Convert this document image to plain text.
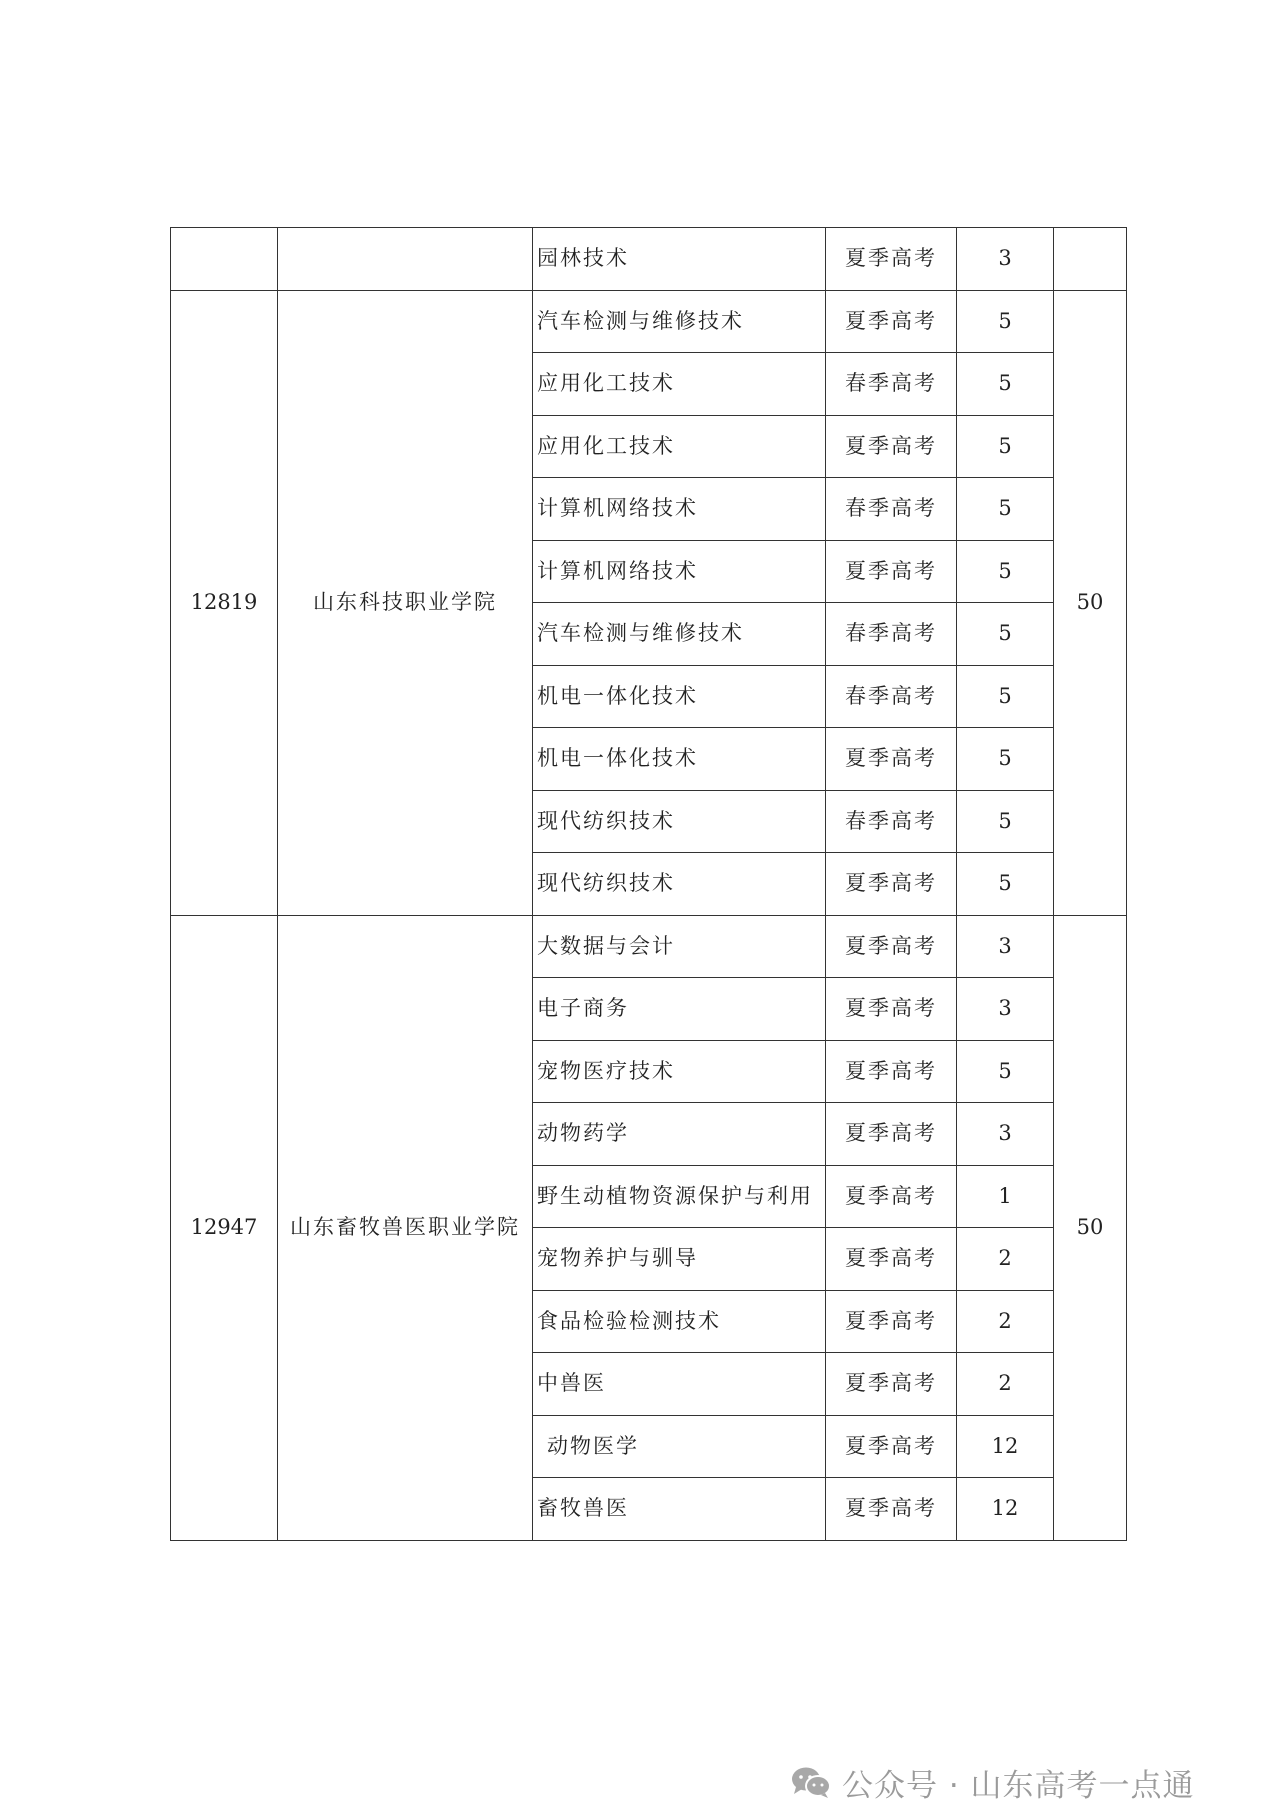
		园林技术	夏季高考	3	
12819	山东科技职业学院	汽车检测与维修技术	夏季高考	5	50
		应用化工技术	春季高考	5	
		应用化工技术	夏季高考	5	
		计算机网络技术	春季高考	5	
		计算机网络技术	夏季高考	5	
		汽车检测与维修技术	春季高考	5	
		机电一体化技术	春季高考	5	
		机电一体化技术	夏季高考	5	
		现代纺织技术	春季高考	5	
		现代纺织技术	夏季高考	5	
12947	山东畜牧兽医职业学院	大数据与会计	夏季高考	3	50
		电子商务	夏季高考	3	
		宠物医疗技术	夏季高考	5	
		动物药学	夏季高考	3	
		野生动植物资源保护与利用	夏季高考	1	
		宠物养护与驯导	夏季高考	2	
		食品检验检测技术	夏季高考	2	
		中兽医	夏季高考	2	
		动物医学	夏季高考	12	
		畜牧兽医	夏季高考	12	
公众号 · 山东高考一点通
